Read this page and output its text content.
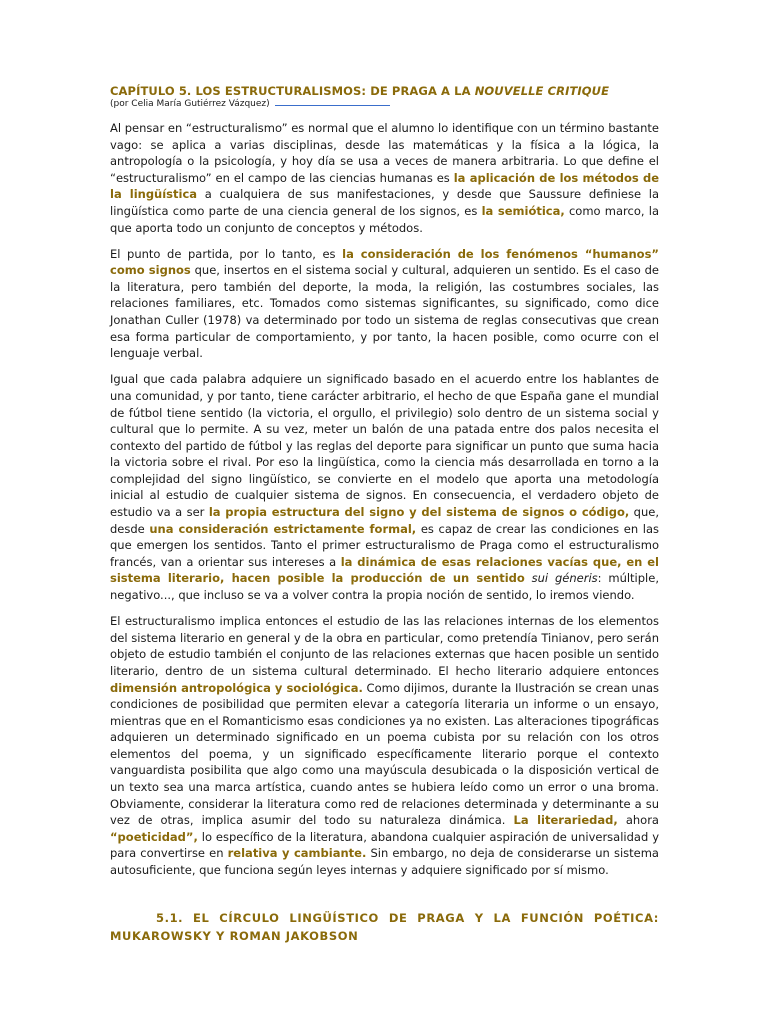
CAPÍTULO 5. LOS ESTRUCTURALISMOS: DE PRAGA A LA NOUVELLE CRITIQUE
(por Celia María Gutiérrez Vázquez)

Al pensar en “estructuralismo” es normal que el alumno lo identifique con un término bastante vago: se aplica a varias disciplinas, desde las matemáticas y la física a la lógica, la antropología o la psicología, y hoy día se usa a veces de manera arbitraria. Lo que define el “estructuralismo” en el campo de las ciencias humanas es la aplicación de los métodos de la lingüística a cualquiera de sus manifestaciones, y desde que Saussure definiese la lingüística como parte de una ciencia general de los signos, es la semiótica, como marco, la que aporta todo un conjunto de conceptos y métodos.

El punto de partida, por lo tanto, es la consideración de los fenómenos “humanos” como signos que, insertos en el sistema social y cultural, adquieren un sentido. Es el caso de la literatura, pero también del deporte, la moda, la religión, las costumbres sociales, las relaciones familiares, etc. Tomados como sistemas significantes, su significado, como dice Jonathan Culler (1978) va determinado por todo un sistema de reglas consecutivas que crean esa forma particular de comportamiento, y por tanto, la hacen posible, como ocurre con el lenguaje verbal.

Igual que cada palabra adquiere un significado basado en el acuerdo entre los hablantes de una comunidad, y por tanto, tiene carácter arbitrario, el hecho de que España gane el mundial de fútbol tiene sentido (la victoria, el orgullo, el privilegio) solo dentro de un sistema social y cultural que lo permite. A su vez, meter un balón de una patada entre dos palos necesita el contexto del partido de fútbol y las reglas del deporte para significar un punto que suma hacia la victoria sobre el rival. Por eso la lingüística, como la ciencia más desarrollada en torno a la complejidad del signo lingüístico, se convierte en el modelo que aporta una metodología inicial al estudio de cualquier sistema de signos. En consecuencia, el verdadero objeto de estudio va a ser la propia estructura del signo y del sistema de signos o código, que, desde una consideración estrictamente formal, es capaz de crear las condiciones en las que emergen los sentidos. Tanto el primer estructuralismo de Praga como el estructuralismo francés, van a orientar sus intereses a la dinámica de esas relaciones vacías que, en el sistema literario, hacen posible la producción de un sentido sui géneris: múltiple, negativo..., que incluso se va a volver contra la propia noción de sentido, lo iremos viendo.

El estructuralismo implica entonces el estudio de las las relaciones internas de los elementos del sistema literario en general y de la obra en particular, como pretendía Tinianov, pero serán objeto de estudio también el conjunto de las relaciones externas que hacen posible un sentido literario, dentro de un sistema cultural determinado. El hecho literario adquiere entonces dimensión antropológica y sociológica. Como dijimos, durante la Ilustración se crean unas condiciones de posibilidad que permiten elevar a categoría literaria un informe o un ensayo, mientras que en el Romanticismo esas condiciones ya no existen. Las alteraciones tipográficas adquieren un determinado significado en un poema cubista por su relación con los otros elementos del poema, y un significado específicamente literario porque el contexto vanguardista posibilita que algo como una mayúscula desubicada o la disposición vertical de un texto sea una marca artística, cuando antes se hubiera leído como un error o una broma. Obviamente, considerar la literatura como red de relaciones determinada y determinante a su vez de otras, implica asumir del todo su naturaleza dinámica. La literariedad, ahora “poeticidad”, lo específico de la literatura, abandona cualquier aspiración de universalidad y para convertirse en relativa y cambiante. Sin embargo, no deja de considerarse un sistema autosuficiente, que funciona según leyes internas y adquiere significado por sí mismo.

5.1. EL CÍRCULO LINGÜÍSTICO DE PRAGA Y LA FUNCIÓN POÉTICA: MUKAROWSKY Y ROMAN JAKOBSON
